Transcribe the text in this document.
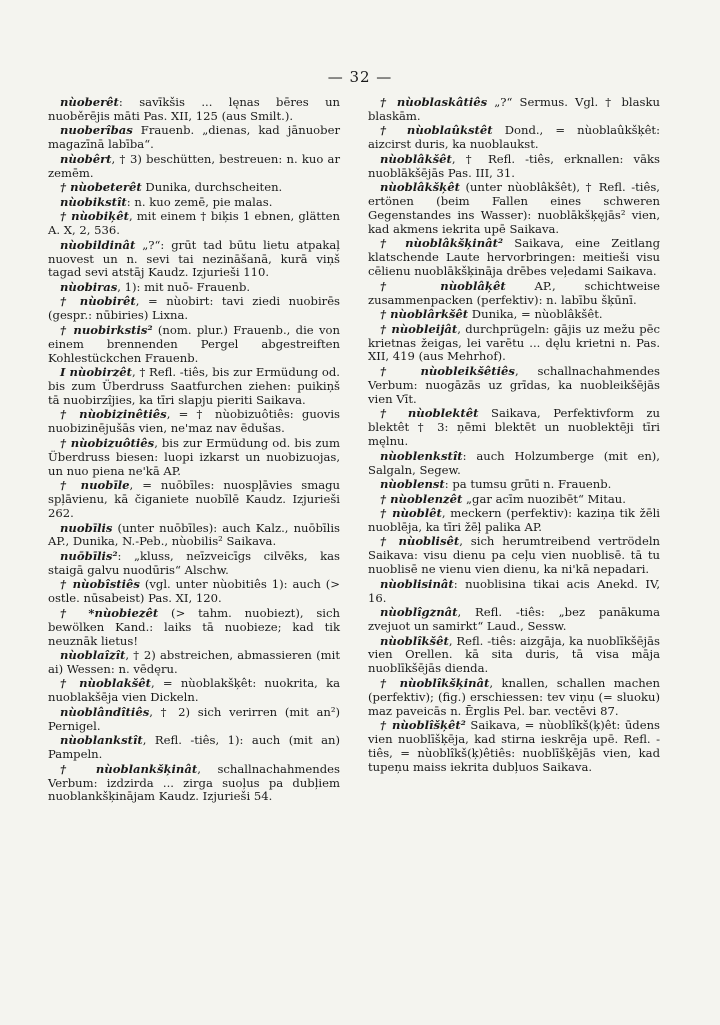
— 32 —

nùoberêt: savīkšis ... lęnas bēres un nuoběrējis māti Pas. XII, 125 (aus Smilt.).

nuoberîbas Frauenb. „dienas, kad jānuober magazīnā labība“.

nùobêrt, † 3) beschütten, bestreuen: n. kuo ar zemēm.

† nùobeterêt Dunika, durchscheiten.

nùobikstît: n. kuo zemē, pie malas.

† nùobiķêt, mit einem † biķis 1 ebnen, glätten A. X, 2, 536.

nùobildinât „?“: grūt tad būtu lietu atpakaļ nuovest un n. sevi tai nezināšanā, kurā viņš tagad sevi atstāj Kaudz. Izjurieši 110.

nùobiras, 1): mit nuō- Frauenb.

† nùobirêt, = nùobirt: tavi ziedi nuobirēs (gespr.: nūbiries) Lixna.

† nuobirkstis² (nom. plur.) Frauenb., die von einem brennenden Pergel abgestreiften Kohlestückchen Frauenb.

I nùobirzêt, † Refl. -tiês, bis zur Ermüdung od. bis zum Überdruss Saatfurchen ziehen: puikiņš tā nuobirzîjies, ka tīri slapju pieriti Saikava.

† nùobizinêtiês, = † nùobizuôtiês: guovis nuobizinējušās vien, ne'maz nav ēdušas.

† nùobizuôtiês, bis zur Ermüdung od. bis zum Überdruss biesen: luopi izkarst un nuobizuojas, un nuo piena ne'kā AP.

† nuobīle, = nuōbīles: nuospļāvies smagu spļāvienu, kā čiganiete nuobīlē Kaudz. Izjurieši 262.

nuobīlis (unter nuōbīles): auch Kalz., nuōbīlis AP., Dunika, N.-Peb., nùobilis² Saikava.

nuōbīlis²: „kluss, neīzveicīgs cilvēks, kas staigā galvu nuodūris“ Alschw.

† nùobîstiês (vgl. unter nùobitiês 1): auch (> ostle. nūsabeist) Pas. XI, 120.

† *nùobiezêt (> tahm. nuobiezt), sich bewölken Kand.: laiks tā nuobieze; kad tik neuznāk lietus!

nùoblaîzît, † 2) abstreichen, abmassieren (mit ai) Wessen: n. vēdęru.

† nùoblakšêt, = nùoblakšķêt: nuokrita, ka nuoblakšēja vien Dickeln.

nùoblândîtiês, † 2) sich verirren (mit an²) Pernigel.

nùoblankstît, Refl. -tiês, 1): auch (mit an) Pampeln.

† nùoblankšķinât, schallnachahmendes Verbum: izdzirda ... zirga suoļus pa dubļiem nuoblankšķinājam Kaudz. Izjurieši 54.

† nùoblaskâtiês „?“ Sermus. Vgl. † blasku blaskām.

† nùoblaûkstêt Dond., = nùoblaûkšķêt: aizcirst duris, ka nuoblaukst.

nùoblâkšêt, † Refl. -tiês, erknallen: vāks nuoblākšējās Pas. III, 31.

nùoblâkšķêt (unter nùoblâkšêt), † Refl. -tiês, ertönen (beim Fallen eines schweren Gegenstandes ins Wasser): nuoblākšķęjās² vien, kad akmens iekrita upē Saikava.

† nùoblâkšķinât² Saikava, eine Zeitlang klatschende Laute hervorbringen: meitieši visu cēlienu nuoblākšķināja drēbes veļedami Saikava.

† nùoblâķêt AP., schichtweise zusammenpacken (perfektiv): n. labību šķūnī.

† nùoblârkšêt Dunika, = nùoblâkšêt.

† nùobleijât, durchprügeln: gājis uz mežu pēc krietnas žeigas, lei varētu ... dęlu krietni n. Pas. XII, 419 (aus Mehrhof).

† nùobleikšêtiês, schallnachahmendes Verbum: nuogāzās uz grīdas, ka nuobleikšējās vien Vīt.

† nùoblektêt Saikava, Perfektivform zu blektêt † 3: ņēmi blektēt un nuoblektēji tīri męlnu.

nùoblenkstît: auch Holzumberge (mit en), Salgaln, Segew.

nùoblenst: pa tumsu grūti n. Frauenb.

† nùoblenzêt „gar acīm nuozibēt“ Mitau.

† nùoblêt, meckern (perfektiv): kaziņa tik žēli nuoblēja, ka tīri žēļ palika AP.

† nùoblisêt, sich herumtreibend vertrödeln Saikava: visu dienu pa ceļu vien nuoblisē. tā tu nuoblisē ne vienu vien dienu, ka ni'kā nepadari.

nùoblisinât: nuoblisina tikai acis Anekd. IV, 16.

nùoblîgznât, Refl. -tiês: „bez panākuma zvejuot un samirkt“ Laud., Sessw.

nùoblîkšêt, Refl. -tiês: aizgāja, ka nuoblīkšējās vien Orellen. kā sita duris, tā visa māja nuoblīkšējās dienda.

† nùoblîkšķinât, knallen, schallen machen (perfektiv); (fig.) erschiessen: tev viņu (= sluoku) maz paveicās n. Ērglis Pel. bar. vectēvi 87.

† nùoblîšķêt² Saikava, = nùoblîkš(ķ)êt: ūdens vien nuoblīšķēja, kad stirna ieskrēja upē. Refl. -tiês, = nùoblîkš(ķ)êtiês: nuoblīšķējās vien, kad tupeņu maiss iekrita dubļuos Saikava.
